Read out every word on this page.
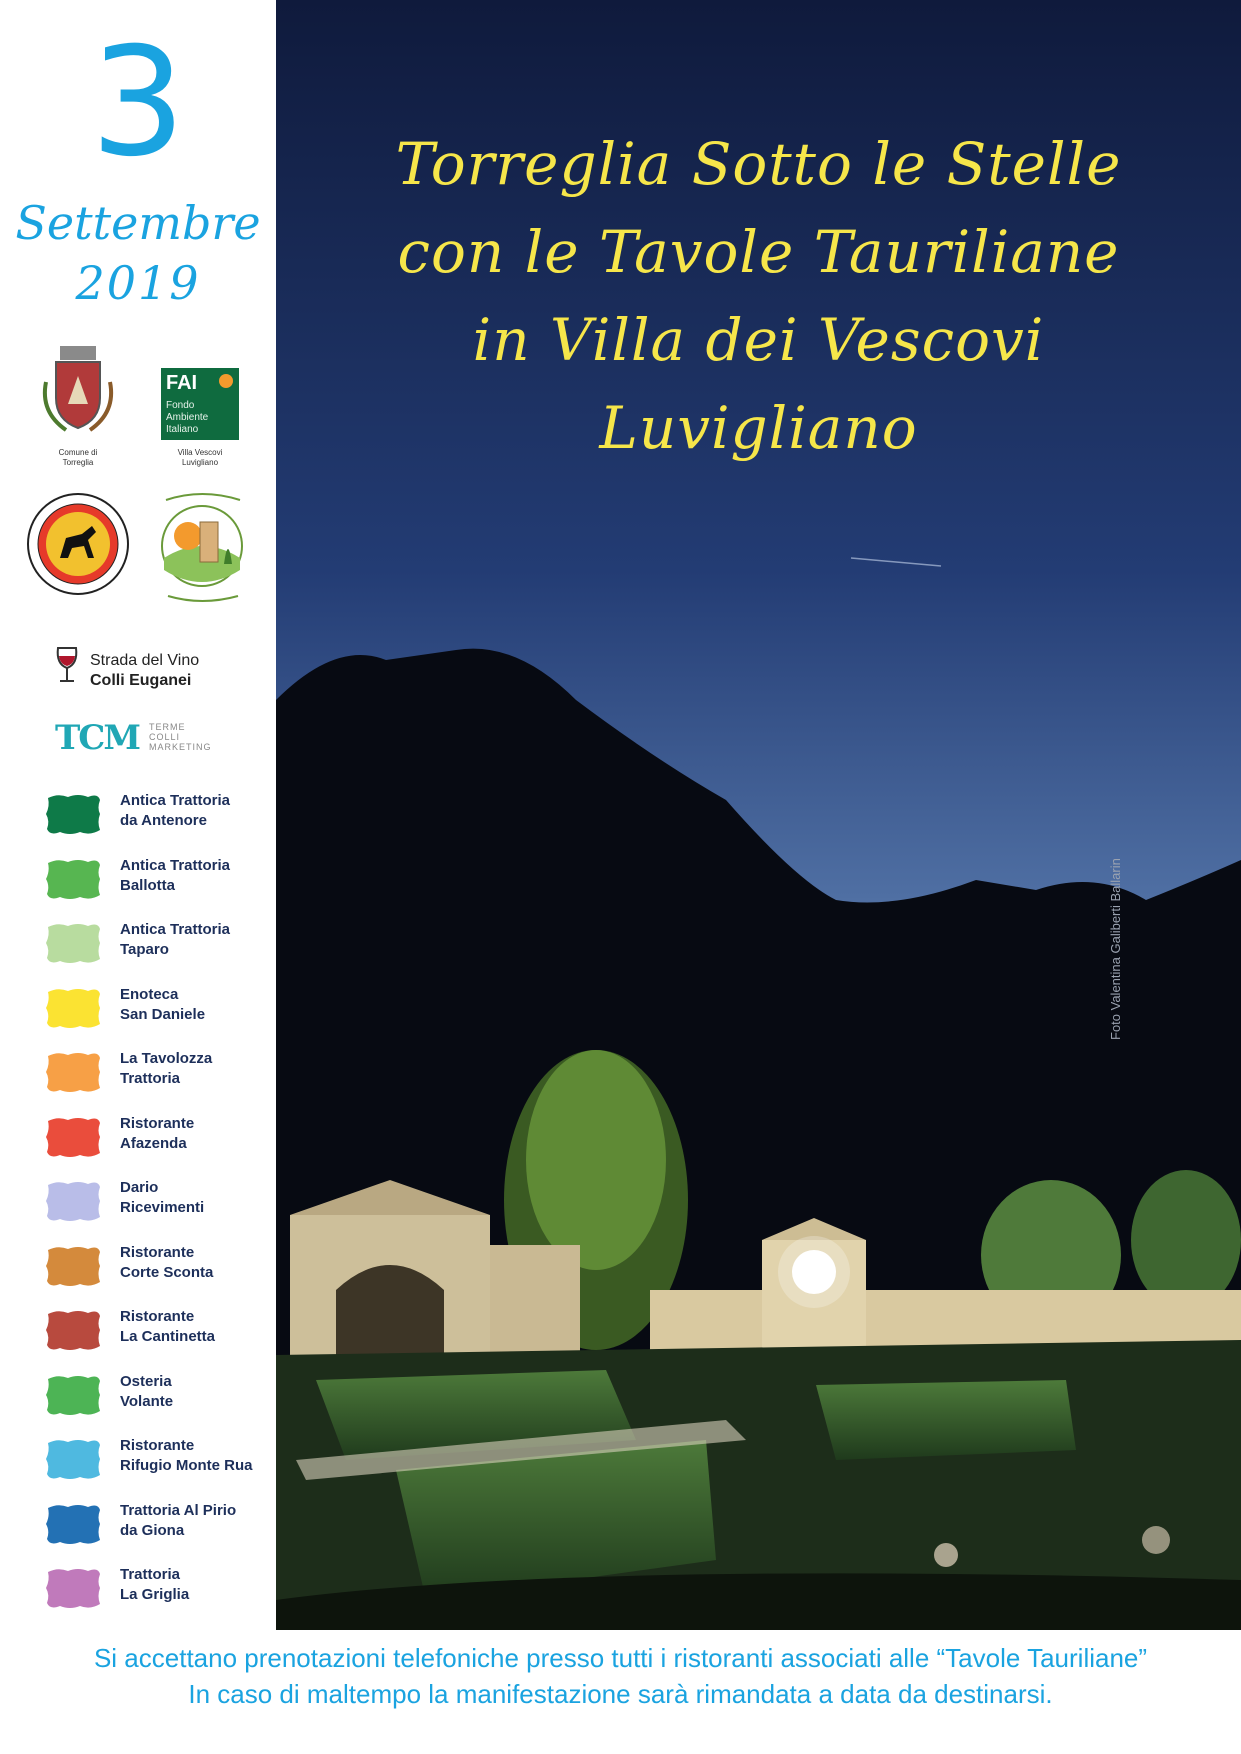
3
Settembre
2019
Comune di
Torreglia
FAI
Fondo
Ambiente
Italiano
Villa Vescovi
Luvigliano
Strada del Vino
Colli Euganei
TCM TERME
COLLI
MARKETING
Antica Trattoria
da Antenore
Antica Trattoria
Ballotta
Antica Trattoria
Taparo
Enoteca
San Daniele
La Tavolozza
Trattoria
Ristorante
Afazenda
Dario
Ricevimenti
Ristorante
Corte Sconta
Ristorante
La Cantinetta
Osteria
Volante
Ristorante
Rifugio Monte Rua
Trattoria Al Pirio
da Giona
Trattoria
La Griglia
Torreglia Sotto le Stelle
con le Tavole Tauriliane
in Villa dei Vescovi
Luvigliano
Foto Valentina Galiberti Ballarin
Si accettano prenotazioni telefoniche presso tutti i ristoranti associati alle “Tavole Tauriliane”
In caso di maltempo la manifestazione sarà rimandata a data da destinarsi.
